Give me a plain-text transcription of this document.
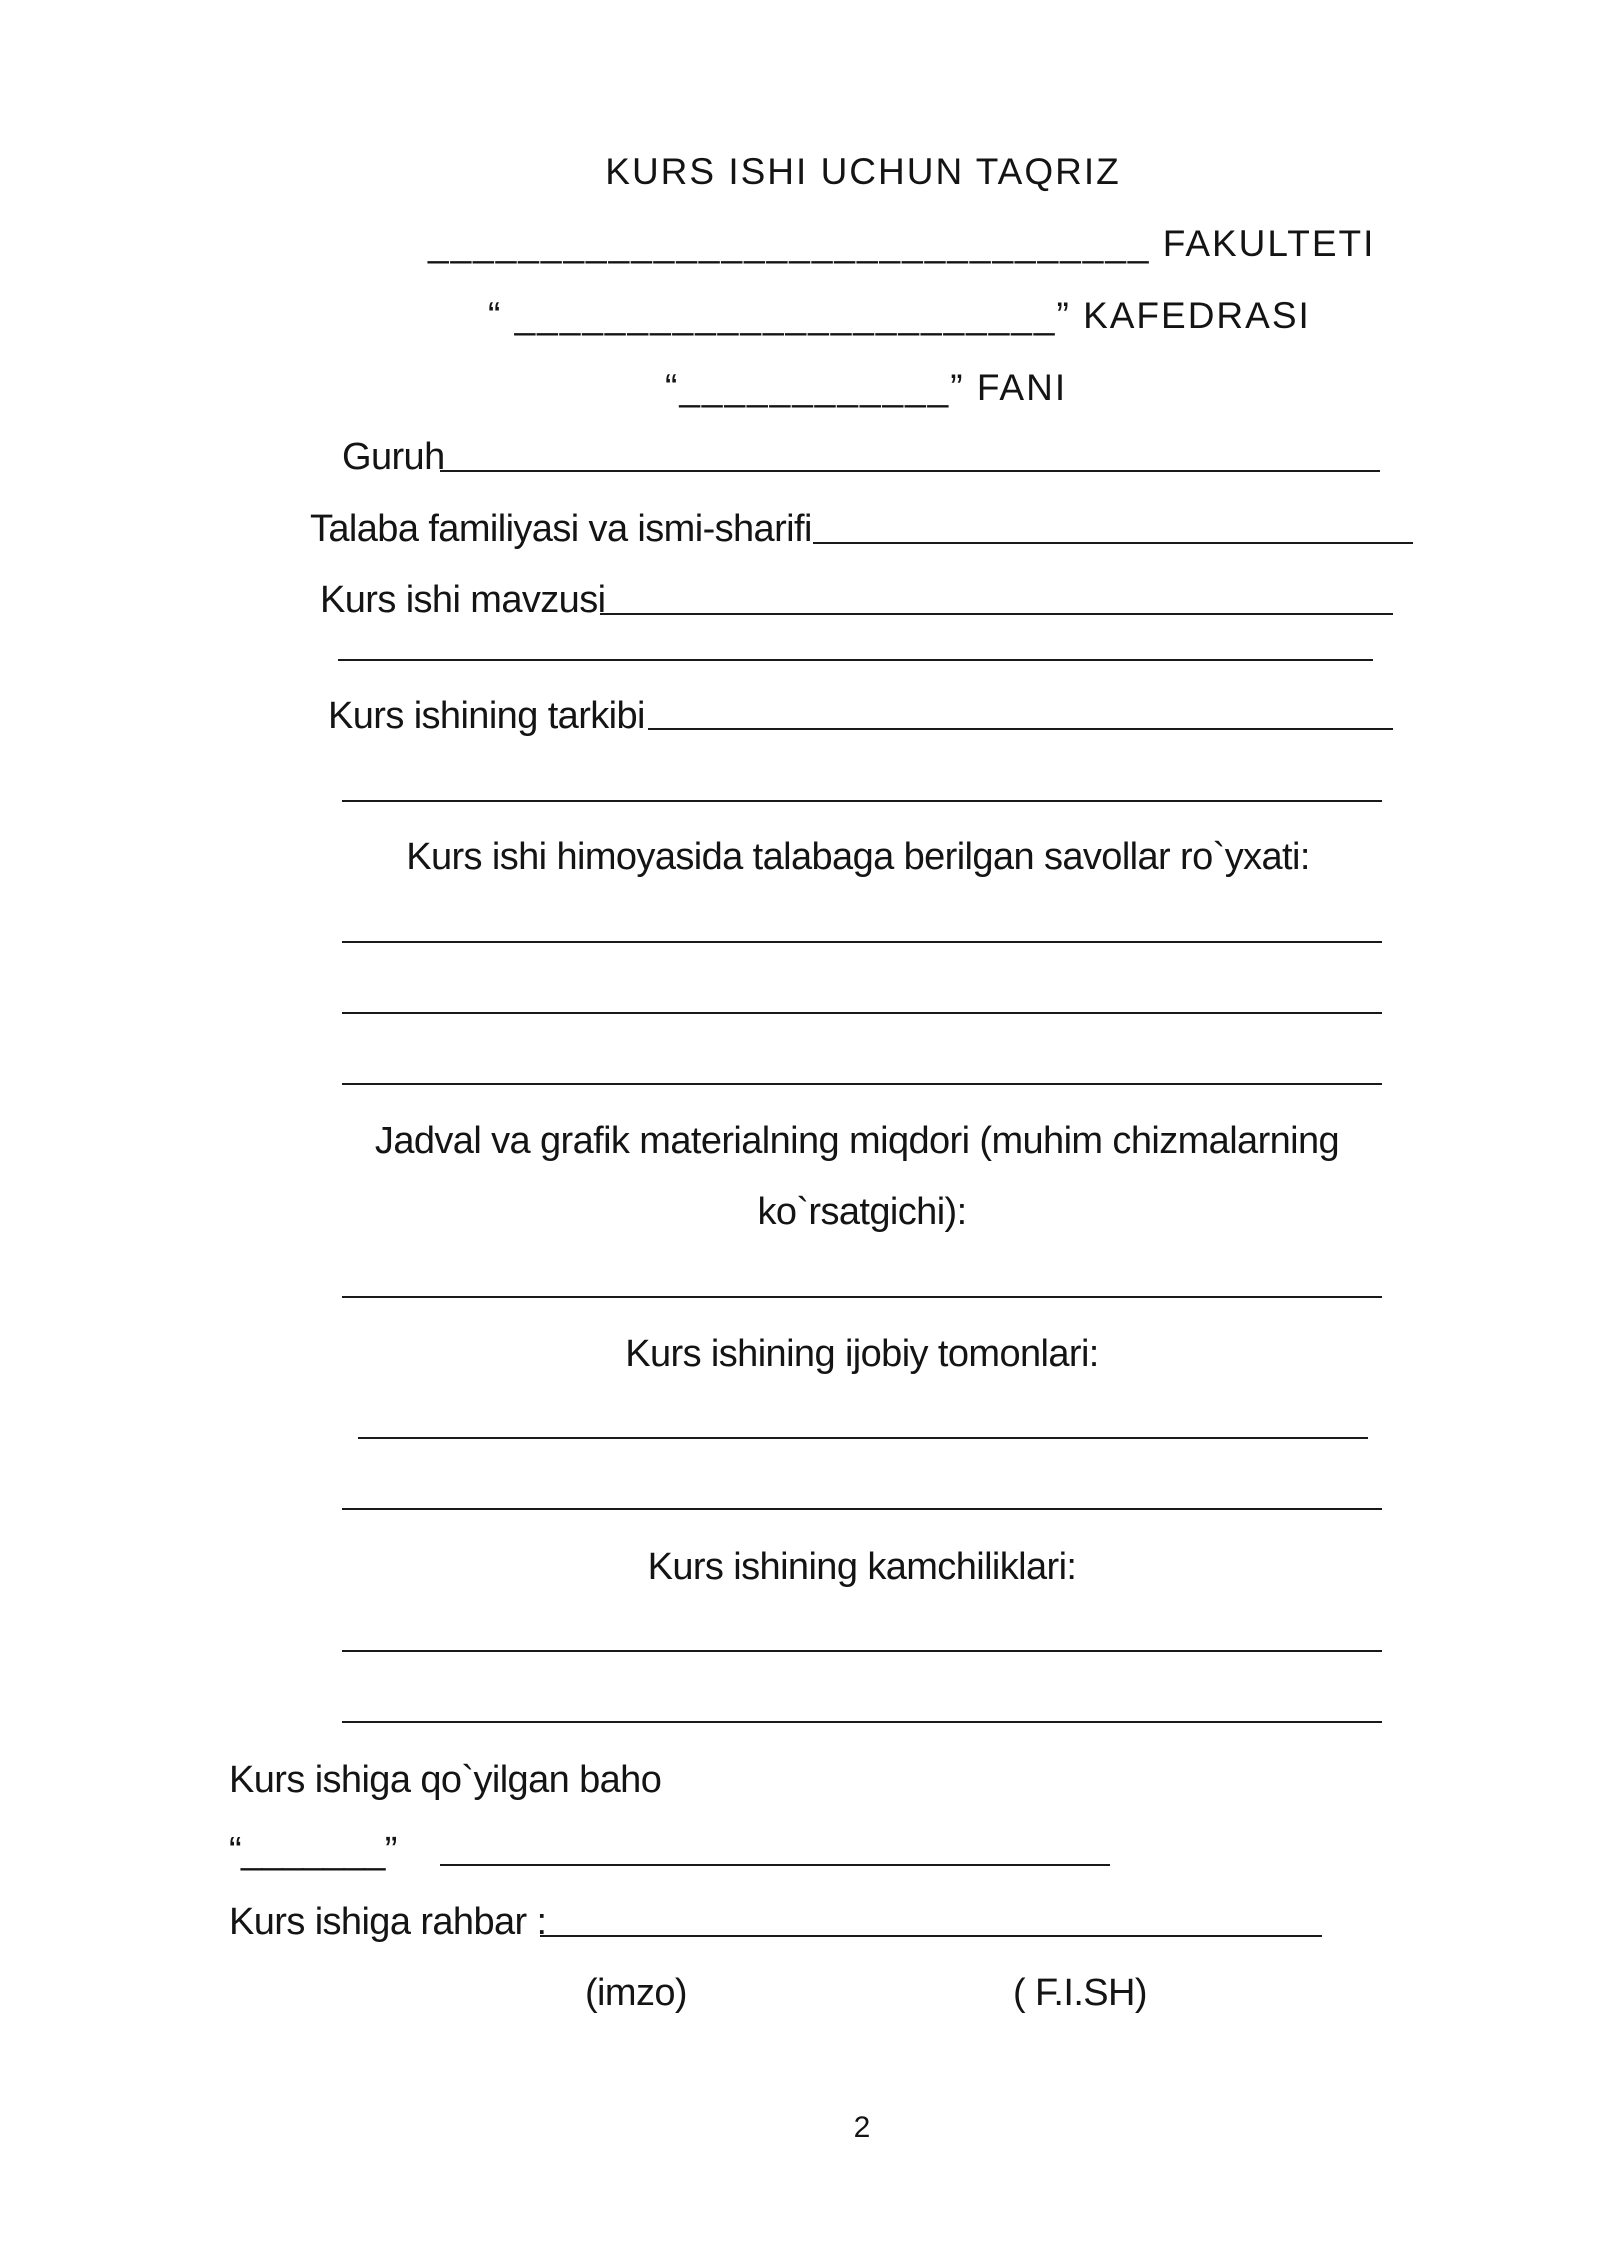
KURS ISHI UCHUN TAQRIZ
________________________________ FAKULTETI
“ ________________________” KAFEDRASI
“____________” FANI
Guruh
Talaba familiyasi va ismi-sharifi
Kurs ishi mavzusi
Kurs ishining tarkibi
Kurs ishi himoyasida talabaga berilgan savollar ro`yxati:
Jadval va grafik materialning miqdori (muhim chizmalarning
ko`rsatgichi):
Kurs ishining ijobiy tomonlari:
Kurs ishining kamchiliklari:
Kurs ishiga qo`yilgan baho
“_______”
Kurs ishiga rahbar :
(imzo)	( F.I.SH)
2
